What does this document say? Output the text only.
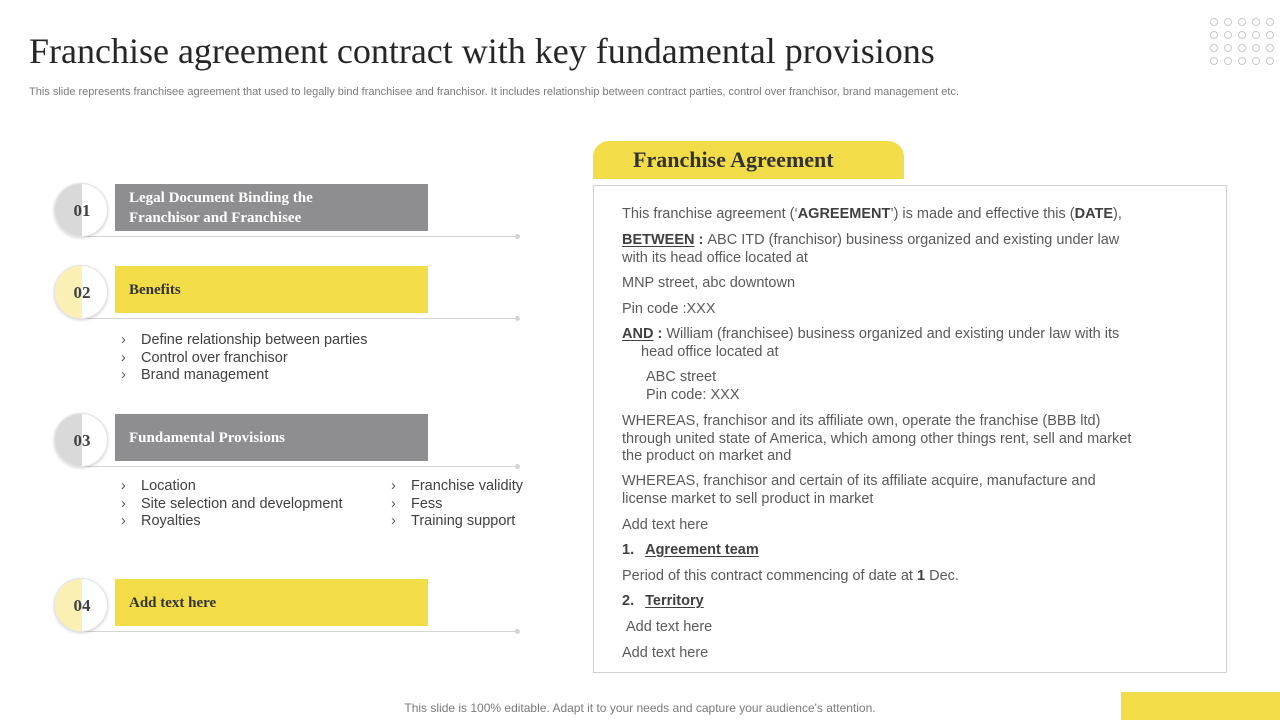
Franchise agreement contract with key fundamental provisions
This slide represents franchisee agreement that used to legally bind franchisee and franchisor. It includes relationship between contract parties, control over franchisor, brand management etc.
Legal Document Binding the
Franchisor and Franchisee
01
Benefits
02
› Define relationship between parties
› Control over franchisor
› Brand management
Fundamental Provisions
03
› Location
› Site selection and development
› Royalties
› Franchise validity
› Fess
› Training support
Add text here
04
Franchise Agreement
This franchise agreement (‘AGREEMENT’) is made and effective this (DATE),
BETWEEN : ABC ITD (franchisor) business organized and existing under law
with its head office located at
MNP street, abc downtown
Pin code :XXX
AND : William (franchisee) business organized and existing under law with its
head office located at
ABC street
Pin code: XXX
WHEREAS, franchisor and its affiliate own, operate the franchise (BBB ltd)
through united state of America, which among other things rent, sell and market
the product on market and
WHEREAS, franchisor and certain of its affiliate acquire, manufacture and
license market to sell product in market
Add text here
1. Agreement team
Period of this contract commencing of date at 1 Dec.
2. Territory
Add text here
Add text here
This slide is 100% editable. Adapt it to your needs and capture your audience's attention.
